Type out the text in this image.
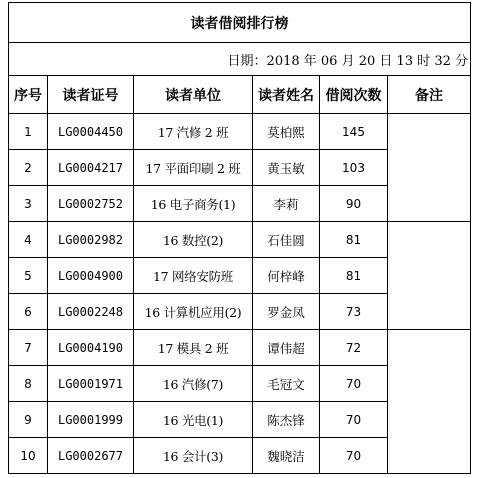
读者借阅排行榜					
日期：2018 年 06 月 20 日 13 时 32 分					
序号	读者证号	读者单位	读者姓名	借阅次数	备注
1	LG0004450	17 汽修 2 班	莫柏熙	145	
2	LG0004217	17 平面印刷 2 班	黄玉敏	103	
3	LG0002752	16 电子商务(1)	李莉	90	
4	LG0002982	16 数控(2)	石佳圆	81	
5	LG0004900	17 网络安防班	何梓峰	81	
6	LG0002248	16 计算机应用(2)	罗金凤	73	
7	LG0004190	17 模具 2 班	谭伟超	72	
8	LG0001971	16 汽修(7)	毛冠文	70	
9	LG0001999	16 光电(1)	陈杰锋	70	
10	LG0002677	16 会计(3)	魏晓洁	70	
